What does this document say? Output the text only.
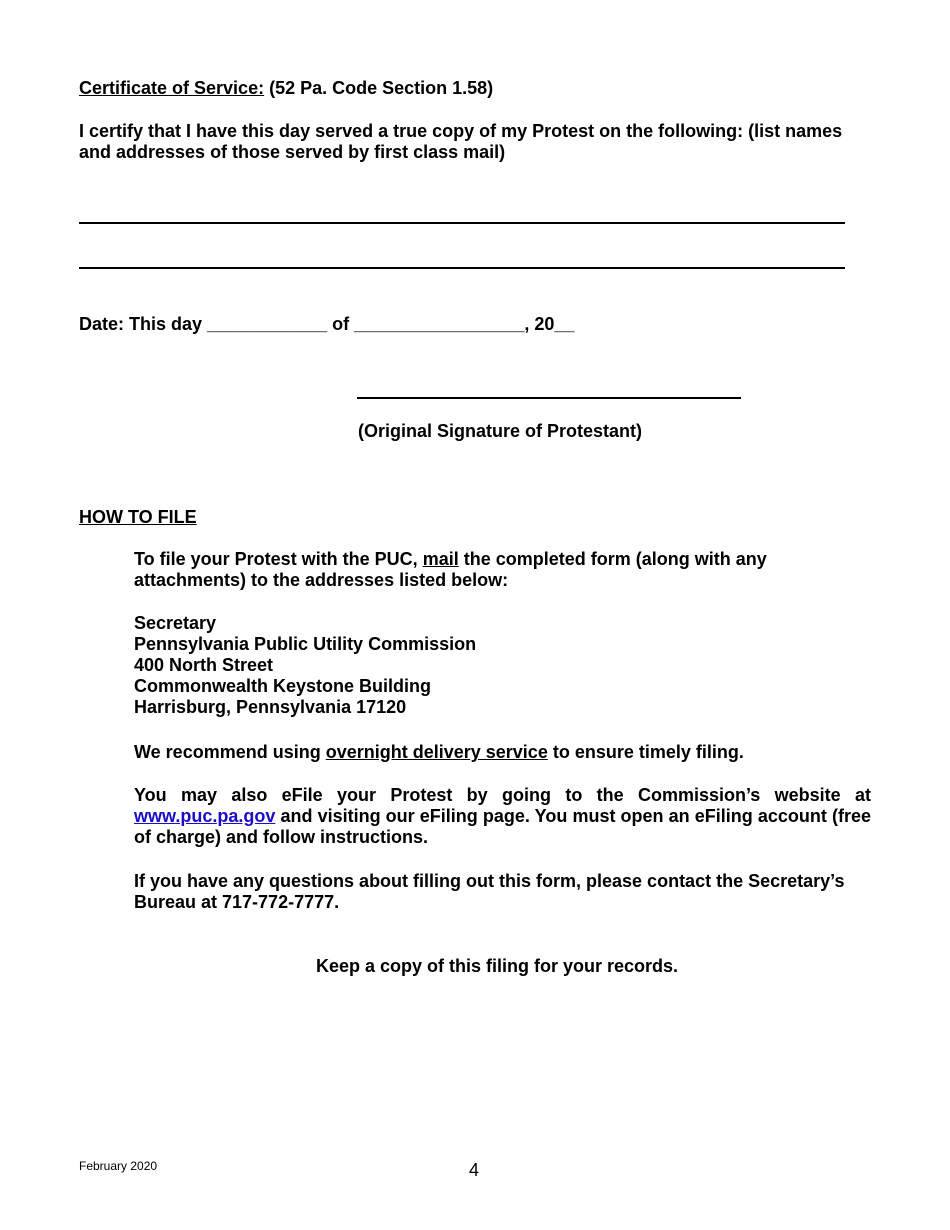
Certificate of Service: (52 Pa. Code Section 1.58)
I certify that I have this day served a true copy of my Protest on the following: (list names and addresses of those served by first class mail)
Date: This day ____________ of _________________, 20__
(Original Signature of Protestant)
HOW TO FILE
To file your Protest with the PUC, mail the completed form (along with any attachments) to the addresses listed below:
Secretary
Pennsylvania Public Utility Commission
400 North Street
Commonwealth Keystone Building
Harrisburg, Pennsylvania 17120
We recommend using overnight delivery service to ensure timely filing.
You may also eFile your Protest by going to the Commission’s website at www.puc.pa.gov and visiting our eFiling page. You must open an eFiling account (free of charge) and follow instructions.
If you have any questions about filling out this form, please contact the Secretary’s Bureau at 717-772-7777.
Keep a copy of this filing for your records.
February 2020	4
